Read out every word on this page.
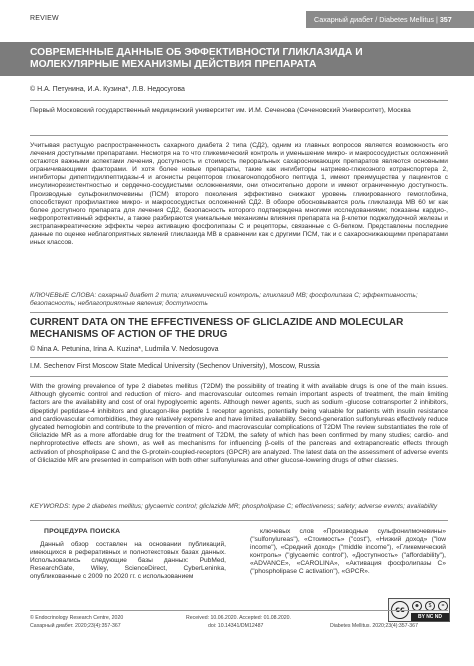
REVIEW	Сахарный диабет / Diabetes Mellitus | 357
СОВРЕМЕННЫЕ ДАННЫЕ ОБ ЭФФЕКТИВНОСТИ ГЛИКЛАЗИДА И МОЛЕКУЛЯРНЫЕ МЕХАНИЗМЫ ДЕЙСТВИЯ ПРЕПАРАТА
© Н.А. Петунина, И.А. Кузина*, Л.В. Недосугова
Первый Московский государственный медицинский университет им. И.М. Сеченова (Сеченовский Университет), Москва
Учитывая растущую распространенность сахарного диабета 2 типа (СД2), одним из главных вопросов является возможность его лечения доступными препаратами. Несмотря на то что гликемический контроль и уменьшение микро- и макрососудистых осложнений остаются важными аспектами лечения, доступность и стоимость пероральных сахароснижающих препаратов являются основными ограничивающими факторами. И хотя более новые препараты, такие как ингибиторы натриево-глюкозного котранспортера 2, ингибиторы дипептидилпептидазы-4 и агонисты рецепторов глюкагоноподобного пептида 1, имеют преимущества у пациентов с инсулинорезистентностью и сердечно-сосудистыми осложнениями, они относительно дороги и имеют ограниченную доступность. Производные сульфонилмочевины (ПСМ) второго поколения эффективно снижают уровень гликированного гемоглобина, способствуют профилактике микро- и макрососудистых осложнений СД2. В обзоре обосновывается роль гликлазида МВ 60 мг как более доступного препарата для лечения СД2, безопасность которого подтверждена многими исследованиями; показаны кардио-, нефропротективный эффекты, а также разбираются уникальные механизмы влияния препарата на β-клетки поджелудочной железы и экстрапанкреатические эффекты через активацию фосфолипазы С и рецепторы, связанные с G-белком. Представлены последние данные по оценке неблагоприятных явлений гликлазида МВ в сравнении как с другими ПСМ, так и с сахароснижающими препаратами иных классов.
КЛЮЧЕВЫЕ СЛОВА: сахарный диабет 2 типа; гликемический контроль; гликлазид МВ; фосфолипаза С; эффективность; безопасность; неблагоприятные явления; доступность
CURRENT DATA ON THE EFFECTIVENESS OF GLICLAZIDE AND MOLECULAR MECHANISMS OF ACTION OF THE DRUG
© Nina A. Petunina, Irina A. Kuzina*, Ludmila V. Nedosugova
I.M. Sechenov First Moscow State Medical University (Sechenov University), Moscow, Russia
With the growing prevalence of type 2 diabetes mellitus (T2DM) the possibility of treating it with available drugs is one of the main issues. Although glycemic control and reduction of micro- and macrovascular outcomes remain important aspects of treatment, the main limiting factors are the availability and cost of oral hypoglycemic agents. Although newer agents, such as sodium -glucose cotransporter 2 inhibitors, dipeptidyl peptidase-4 inhibitors and glucagon-like peptide 1 receptor agonists, potentially being valuable for patients with insulin resistance and cardiovascular comorbidities, they are relatively expensive and have limited availability. Second-generation sulfonylureas effectively reduce glycated hemoglobin and contribute to the prevention of micro- and macrovascular complications of T2DM The review substantiates the role of Gliclazide MR as a more affordable drug for the treatment of T2DM, the safety of which has been confirmed by many studies; cardio- and nephroprotective effects are shown, as well as mechanisms for influencing β-cells of the pancreas and extrapancreatic effects through activation of phospholipase C and the G-protein-coupled-receptors (GPCR) are analyzed. The latest data on the assessment of adverse events of Gliclazide MR are presented in comparison with both other sulfonylureas and other glucose-lowering drugs of other classes.
KEYWORDS: type 2 diabetes mellitus; glycaemic control; gliclazide MR; phospholipase C; effectiveness; safety; adverse events; availability
ПРОЦЕДУРА ПОИСКА

Данный обзор составлен на основании публикаций, имеющихся в реферативных и полнотекстовых базах данных. Использовались следующие базы данных: PubMed, ResearchGate, Wiley, ScienceDirect, CyberLeninka, опубликованные с 2009 по 2020 гг. с использованием

ключевых слов «Производные сульфонилмочевины» ("sulfonylureas"), «Стоимость» ("cost"), «Низкий доход» ("low income"), «Средний доход» ("middle income"), «Гликемический контроль» ("glycaemic control"), «Доступность» ("affordability"), «ADVANCE», «CAROLINA», «Активация фосфолипазы С» ("phospholipase C activation"), «GPCR».

cc	☻	$	=
BY NC ND
© Endocrinology Research Centre, 2020
Сахарный диабет. 2020;23(4):357-367
Received: 10.06.2020. Accepted: 01.08.2020.
doi: 10.14341/DM12487	Diabetes Mellitus. 2020;23(4):357-367
